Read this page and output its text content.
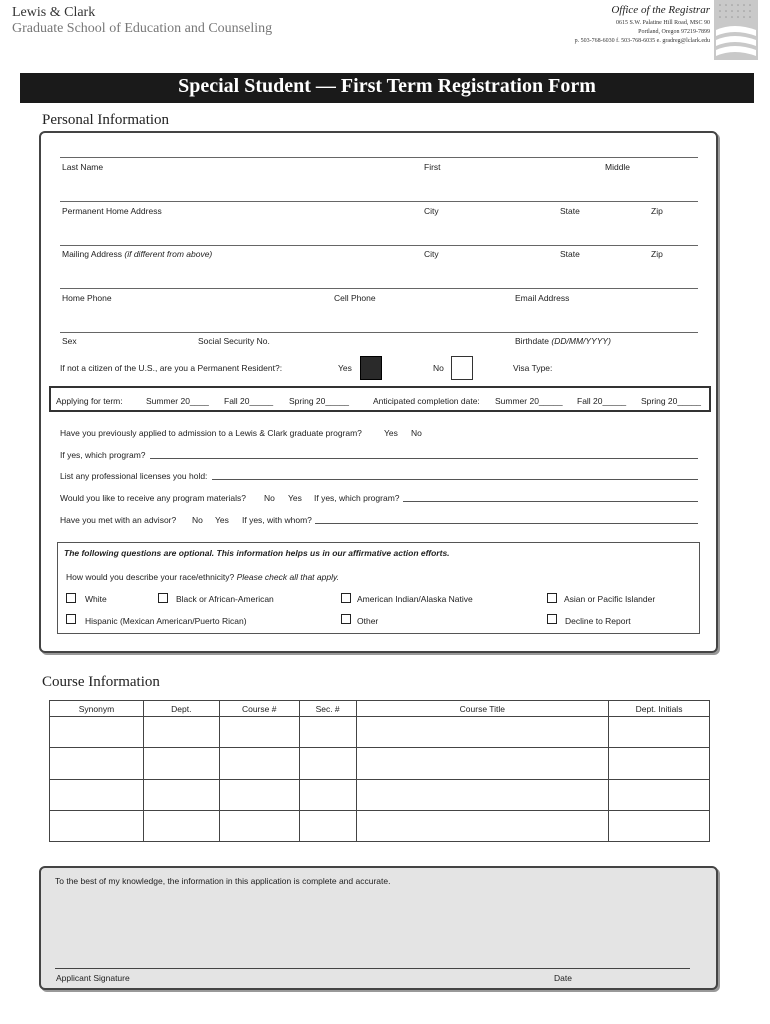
Lewis & Clark
Graduate School of Education and Counseling
Office of the Registrar
0615 S.W. Palatine Hill Road, MSC 90
Portland, Oregon 97219-7899
p. 503-768-6030 f. 503-768-6035 e. gradreg@lclark.edu
Special Student — First Term Registration Form
Personal Information
Last Name	First	Middle
Permanent Home Address	City	State	Zip
Mailing Address (if different from above)	City	State	Zip
Home Phone	Cell Phone	Email Address
Sex	Social Security No.	Birthdate (DD/MM/YYYY)
If not a citizen of the U.S., are you a Permanent Resident?:	Yes	No	Visa Type:
Applying for term:	Summer 20____ Fall 20_____ Spring 20_____	Anticipated completion date: Summer 20_____ Fall 20_____ Spring 20_____
Have you previously applied to admission to a Lewis & Clark graduate program?	Yes No
If yes, which program?
List any professional licenses you hold:
Would you like to receive any program materials? No Yes If yes, which program?
Have you met with an advisor? No Yes If yes, with whom?
The following questions are optional. This information helps us in our affirmative action efforts.
How would you describe your race/ethnicity? Please check all that apply.
White	Black or African-American	American Indian/Alaska Native	Asian or Pacific Islander
Hispanic (Mexican American/Puerto Rican)	Other	Decline to Report
Course Information
Synonym	Dept.	Course #	Sec. #	Course Title	Dept. Initials

To the best of my knowledge, the information in this application is complete and accurate.
Applicant Signature	Date
